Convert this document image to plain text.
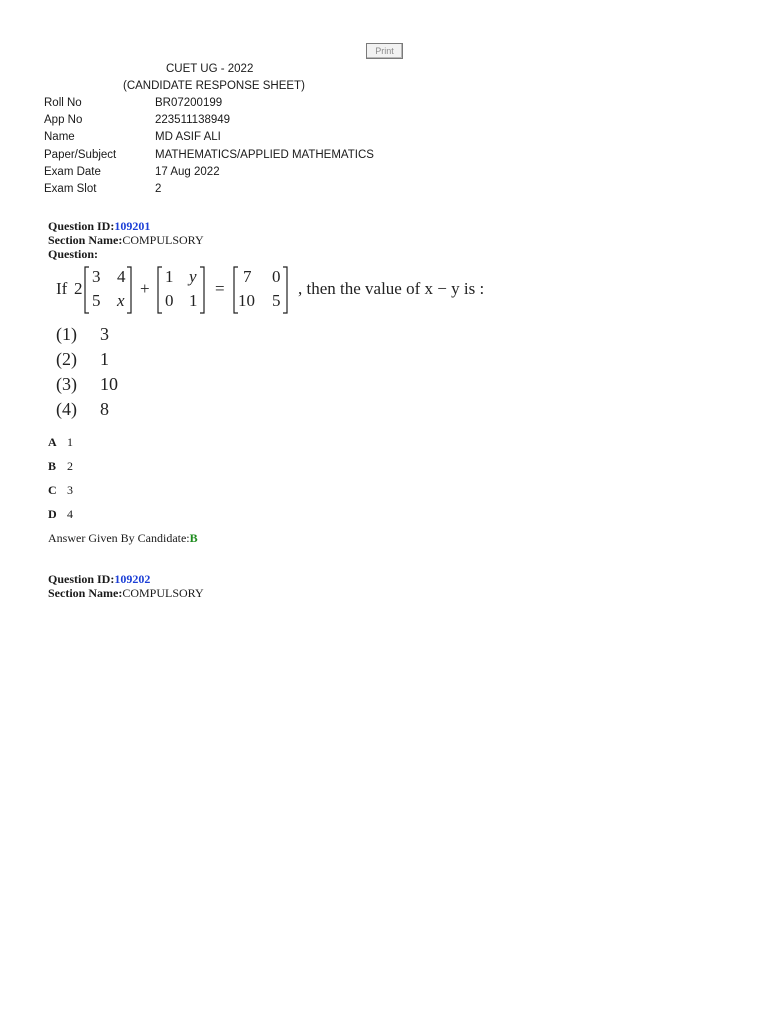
Print
CUET UG - 2022
(CANDIDATE RESPONSE SHEET)
Roll No	BR07200199
App No	223511138949
Name	MD ASIF ALI
Paper/Subject	MATHEMATICS/APPLIED MATHEMATICS
Exam Date	17 Aug 2022
Exam Slot	2
Question ID:109201
Section Name:COMPULSORY
Question:
If 2
3 4
5 x
+
1 y
0 1
=
7 0
10 5
, then the value of x − y is :
(1)	3
(2)	1
(3)	10
(4)	8
A 1
B 2
C 3
D 4
Answer Given By Candidate:B
Question ID:109202
Section Name:COMPULSORY
